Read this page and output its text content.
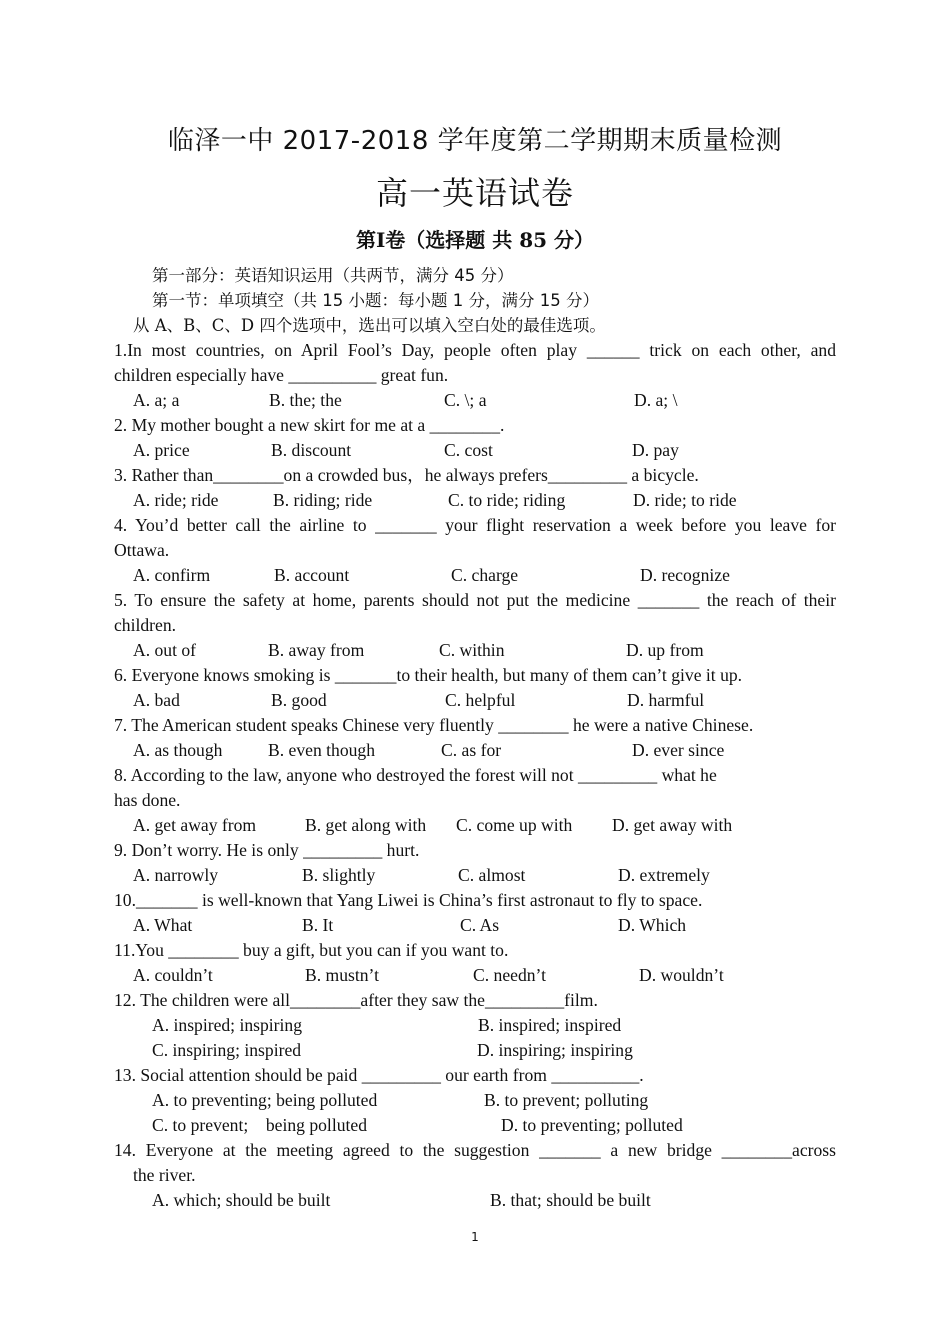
临泽一中 2017-2018 学年度第二学期期末质量检测
高一英语试卷
第Ⅰ卷（选择题 共 85 分）
第一部分：英语知识运用（共两节，满分 45 分）
第一节：单项填空（共 15 小题：每小题 1 分，满分 15 分）
从 A、B、C、D 四个选项中，选出可以填入空白处的最佳选项。
1.In most countries, on April Fool’s Day, people often play ______ trick on each other, and
children especially have __________ great fun.
A. a; a	B. the; the	C. \; a	D. a; \
2. My mother bought a new skirt for me at a ________.
A. price	B. discount	C. cost	D. pay
3. Rather than________on a crowded bus，he always prefers_________ a bicycle.
A. ride; ride	B. riding; ride	C. to ride; riding	D. ride; to ride
4. You’d better call the airline to _______ your flight reservation a week before you leave for
Ottawa.
A. confirm	B. account	C. charge	D. recognize
5. To ensure the safety at home, parents should not put the medicine _______ the reach of their
children.
A. out of	B. away from	C. within	D. up from
6. Everyone knows smoking is _______to their health, but many of them can’t give it up.
A. bad	B. good	C. helpful	D. harmful
7. The American student speaks Chinese very fluently ________ he were a native Chinese.
A. as though	B. even though	C. as for	D. ever since
8. According to the law, anyone who destroyed the forest will not _________ what he
has done.
A. get away from	B. get along with C. come up with D. get away with
9. Don’t worry. He is only _________ hurt.
A. narrowly	B. slightly	C. almost	D. extremely
10._______ is well-known that Yang Liwei is China’s first astronaut to fly to space.
A. What	B. It	C. As	D. Which
11.You ________ buy a gift, but you can if you want to.
A. couldn’t	B. mustn’t	C. needn’t	D. wouldn’t
12. The children were all________after they saw the_________film.
A. inspired; inspiring	B. inspired; inspired
C. inspiring; inspired	D. inspiring; inspiring
13. Social attention should be paid _________ our earth from __________.
A. to preventing; being polluted	B. to prevent; polluting
C. to prevent;    being polluted	D. to preventing; polluted
14. Everyone at the meeting agreed to the suggestion _______ a new bridge ________across
the river.
A. which; should be built	B. that; should be built
1
